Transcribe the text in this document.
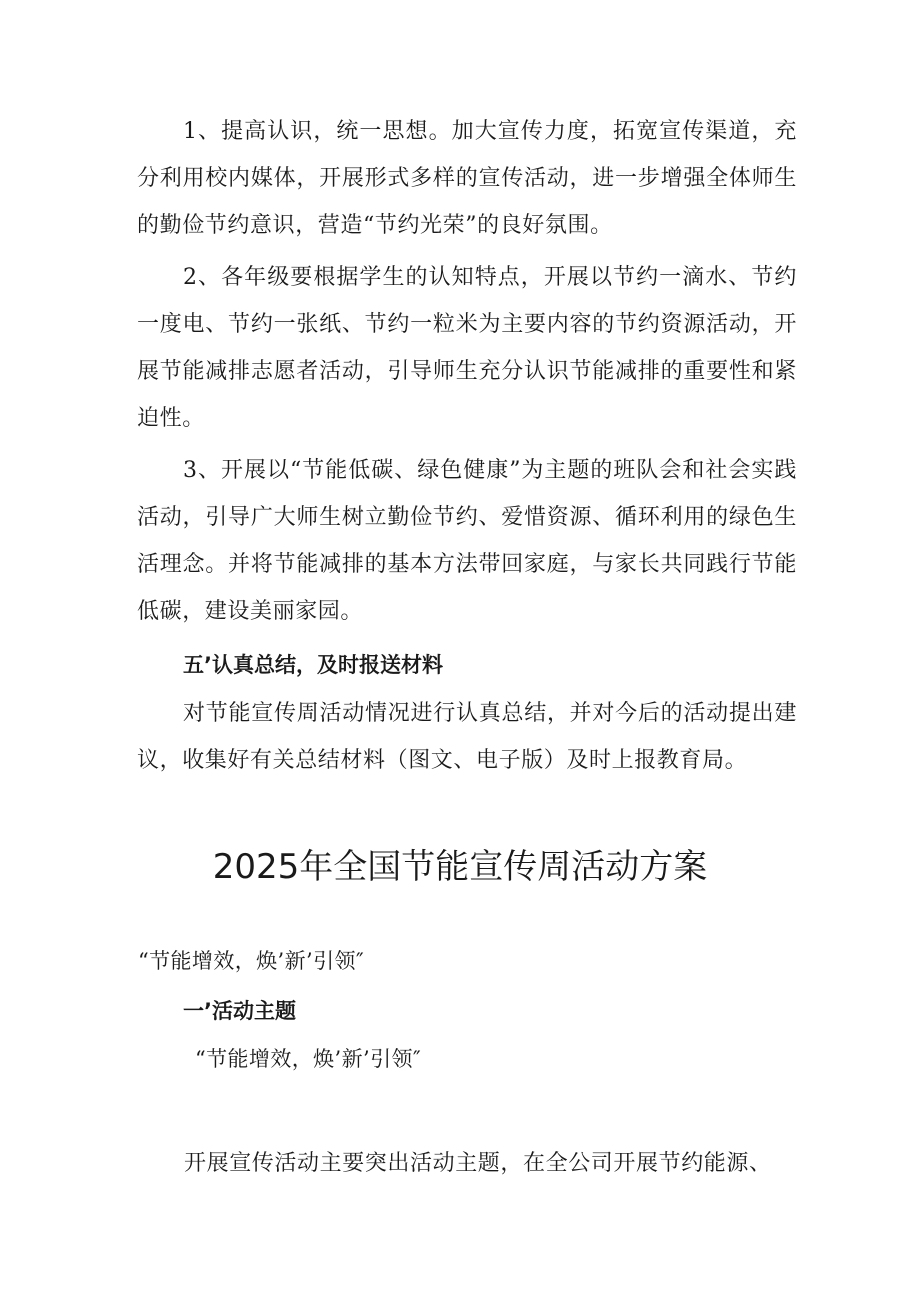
1、提高认识，统一思想。加大宣传力度，拓宽宣传渠道，充分利用校内媒体，开展形式多样的宣传活动，进一步增强全体师生的勤俭节约意识，营造“节约光荣”的良好氛围。

2、各年级要根据学生的认知特点，开展以节约一滴水、节约一度电、节约一张纸、节约一粒米为主要内容的节约资源活动，开展节能减排志愿者活动，引导师生充分认识节能减排的重要性和紧迫性。

3、开展以“节能低碳、绿色健康”为主题的班队会和社会实践活动，引导广大师生树立勤俭节约、爱惜资源、循环利用的绿色生活理念。并将节能减排的基本方法带回家庭，与家长共同践行节能低碳，建设美丽家园。

五’认真总结，及时报送材料

对节能宣传周活动情况进行认真总结，并对今后的活动提出建议，收集好有关总结材料（图文、电子版）及时上报教育局。

2025年全国节能宣传周活动方案

“节能增效，焕’新’引领″

一’活动主题

“节能增效，焕’新’引领″

开展宣传活动主要突出活动主题，在全公司开展节约能源、
